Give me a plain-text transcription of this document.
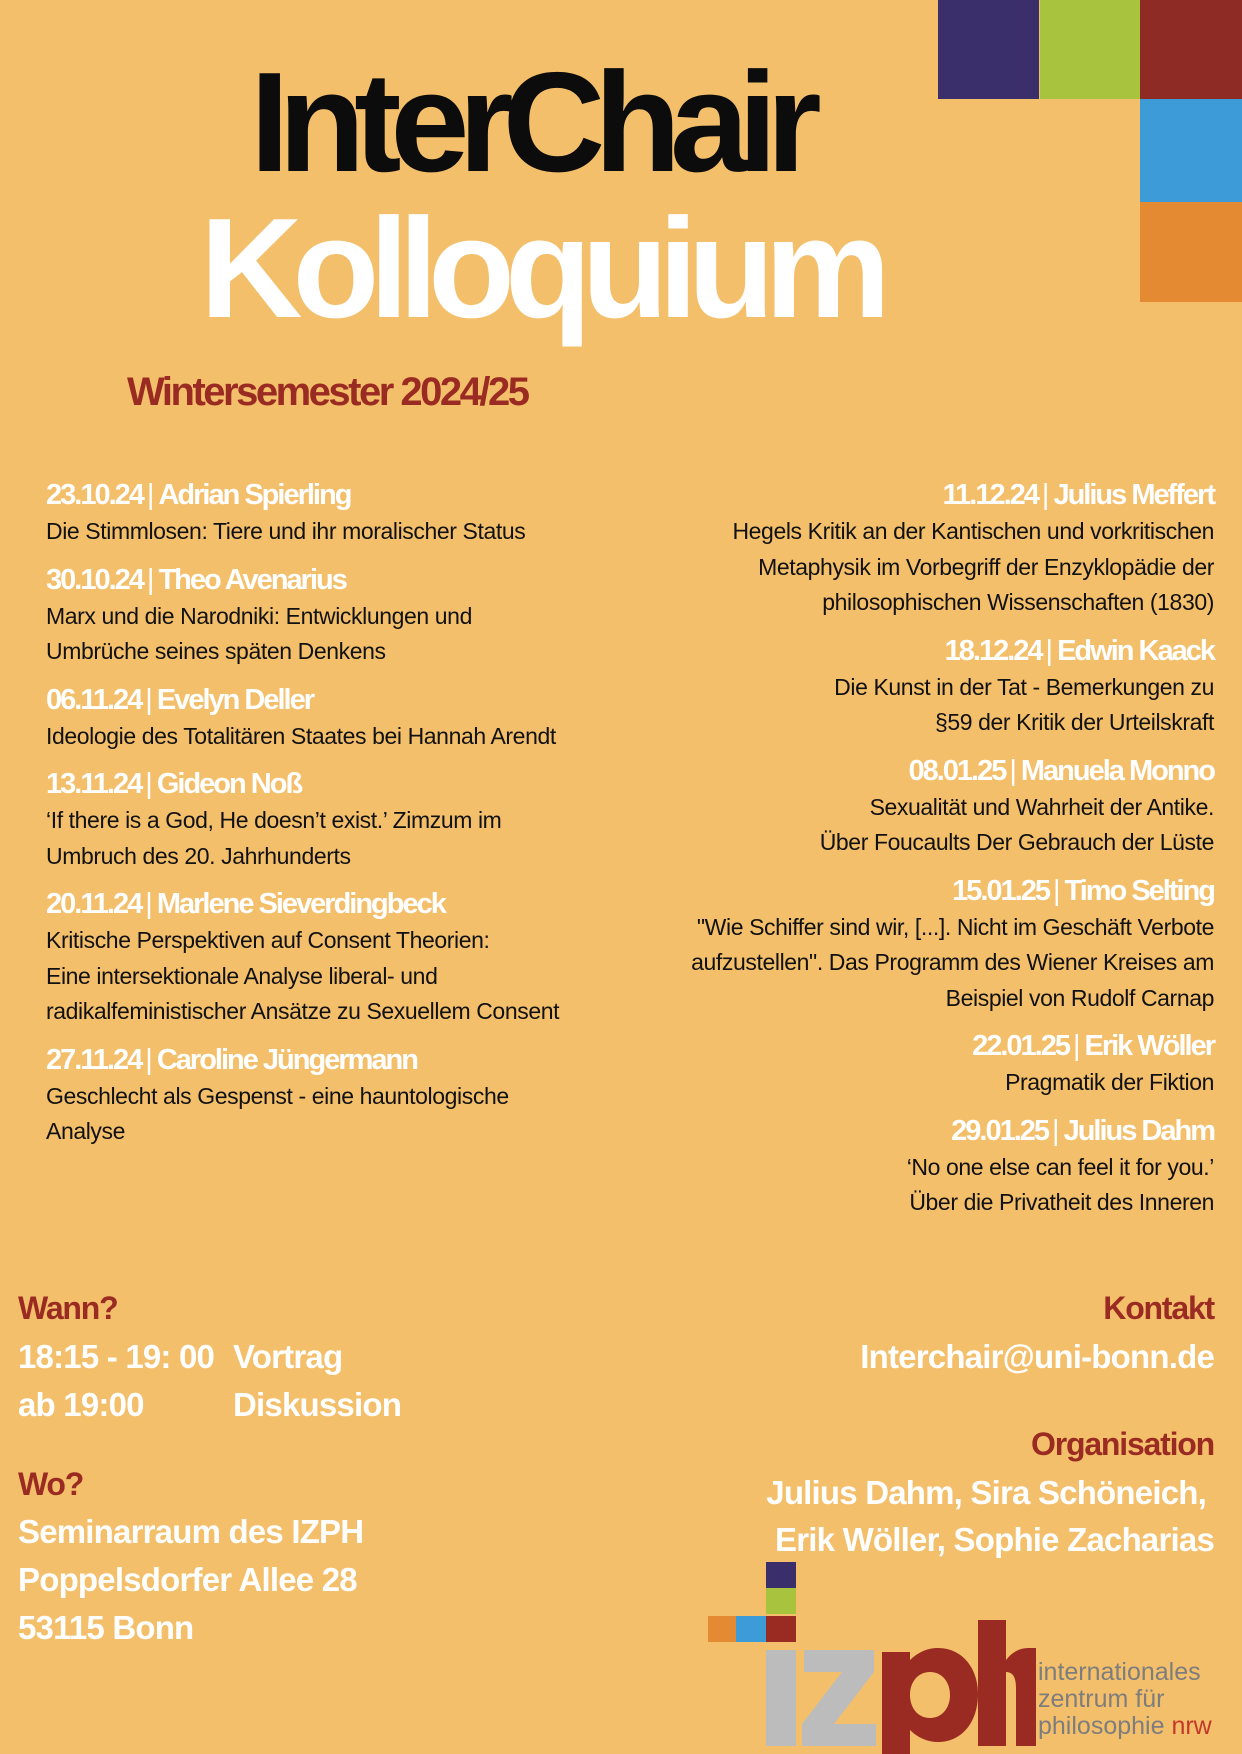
InterChair
Kolloquium
Wintersemester 2024/25
23.10.24 | Adrian Spierling
Die Stimmlosen: Tiere und ihr moralischer Status
30.10.24 | Theo Avenarius
Marx und die Narodniki: Entwicklungen und
Umbrüche seines späten Denkens
06.11.24 | Evelyn Deller
Ideologie des Totalitären Staates bei Hannah Arendt
13.11.24 | Gideon Noß
‘If there is a God, He doesn’t exist.’ Zimzum im
Umbruch des 20. Jahrhunderts
20.11.24 | Marlene Sieverdingbeck
Kritische Perspektiven auf Consent Theorien:
Eine intersektionale Analyse liberal- und
radikalfeministischer Ansätze zu Sexuellem Consent
27.11.24 | Caroline Jüngermann
Geschlecht als Gespenst - eine hauntologische
Analyse
11.12.24 | Julius Meffert
Hegels Kritik an der Kantischen und vorkritischen
Metaphysik im Vorbegriff der Enzyklopädie der
philosophischen Wissenschaften (1830)
18.12.24 | Edwin Kaack
Die Kunst in der Tat - Bemerkungen zu
§59 der Kritik der Urteilskraft
08.01.25 | Manuela Monno
Sexualität und Wahrheit der Antike.
Über Foucaults Der Gebrauch der Lüste
15.01.25 | Timo Selting
"Wie Schiffer sind wir, [...]. Nicht im Geschäft Verbote
aufzustellen". Das Programm des Wiener Kreises am
Beispiel von Rudolf Carnap
22.01.25 | Erik Wöller
Pragmatik der Fiktion
29.01.25 | Julius Dahm
‘No one else can feel it for you.’
Über die Privatheit des Inneren
Wann?
18:15 - 19: 00 Vortrag
ab 19:00	Diskussion
Wo?
Seminarraum des IZPH
Poppelsdorfer Allee 28
53115 Bonn
Kontakt
Interchair@uni-bonn.de
Organisation
Julius Dahm, Sira Schöneich,
Erik Wöller, Sophie Zacharias
internationales
zentrum für
philosophie nrw
